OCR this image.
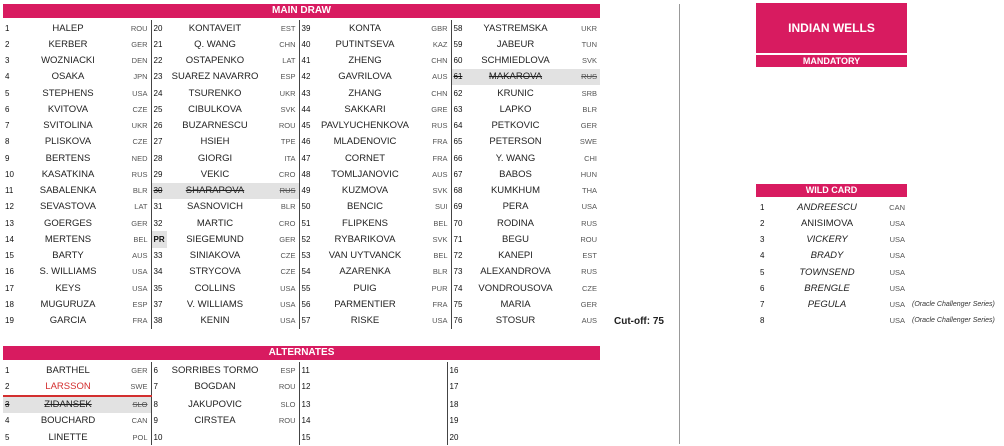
MAIN DRAW
1	HALEP	ROU	20	KONTAVEIT	EST	39	KONTA	GBR	58	YASTREMSKA	UKR
2	KERBER	GER	21	Q. WANG	CHN	40	PUTINTSEVA	KAZ	59	JABEUR	TUN
3	WOZNIACKI	DEN	22	OSTAPENKO	LAT	41	ZHENG	CHN	60	SCHMIEDLOVA	SVK
4	OSAKA	JPN	23	SUAREZ NAVARRO	ESP	42	GAVRILOVA	AUS	61	MAKAROVA	RUS
5	STEPHENS	USA	24	TSURENKO	UKR	43	ZHANG	CHN	62	KRUNIC	SRB
6	KVITOVA	CZE	25	CIBULKOVA	SVK	44	SAKKARI	GRE	63	LAPKO	BLR
7	SVITOLINA	UKR	26	BUZARNESCU	ROU	45	PAVLYUCHENKOVA	RUS	64	PETKOVIC	GER
8	PLISKOVA	CZE	27	HSIEH	TPE	46	MLADENOVIC	FRA	65	PETERSON	SWE
9	BERTENS	NED	28	GIORGI	ITA	47	CORNET	FRA	66	Y. WANG	CHI
10	KASATKINA	RUS	29	VEKIC	CRO	48	TOMLJANOVIC	AUS	67	BABOS	HUN
11	SABALENKA	BLR	30	SHARAPOVA	RUS	49	KUZMOVA	SVK	68	KUMKHUM	THA
12	SEVASTOVA	LAT	31	SASNOVICH	BLR	50	BENCIC	SUI	69	PERA	USA
13	GOERGES	GER	32	MARTIC	CRO	51	FLIPKENS	BEL	70	RODINA	RUS
14	MERTENS	BEL	PR	SIEGEMUND	GER	52	RYBARIKOVA	SVK	71	BEGU	ROU
15	BARTY	AUS	33	SINIAKOVA	CZE	53	VAN UYTVANCK	BEL	72	KANEPI	EST
16	S. WILLIAMS	USA	34	STRYCOVA	CZE	54	AZARENKA	BLR	73	ALEXANDROVA	RUS
17	KEYS	USA	35	COLLINS	USA	55	PUIG	PUR	74	VONDROUSOVA	CZE
18	MUGURUZA	ESP	37	V. WILLIAMS	USA	56	PARMENTIER	FRA	75	MARIA	GER
19	GARCIA	FRA	38	KENIN	USA	57	RISKE	USA	76	STOSUR	AUS Cut-off: 75
INDIAN WELLS
MANDATORY
WILD CARD
1	ANDREESCU	CAN	
2	ANISIMOVA	USA	
3	VICKERY	USA	
4	BRADY	USA	
5	TOWNSEND	USA	
6	BRENGLE	USA	
7	PEGULA	USA	(Oracle Challenger Series)
8		USA	(Oracle Challenger Series)
ALTERNATES
1	BARTHEL	GER	6	SORRIBES TORMO	ESP	11	16
2	LARSSON	SWE	7	BOGDAN	ROU	12	17
3	ZIDANSEK	SLO	8	JAKUPOVIC	SLO	13	18
4	BOUCHARD	CAN	9	CIRSTEA	ROU	14	19
5	LINETTE	POL	10			15	20
